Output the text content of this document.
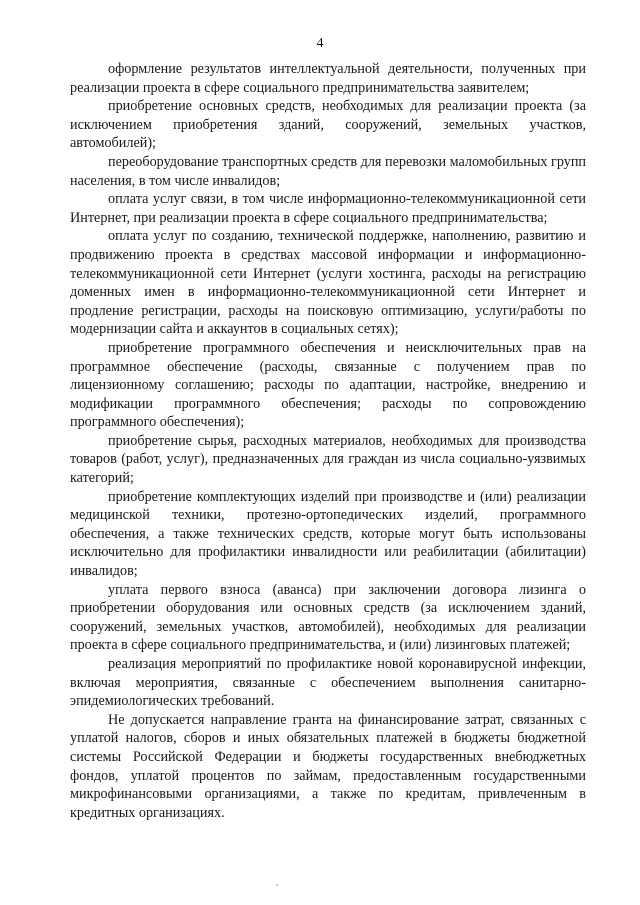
4

оформление результатов интеллектуальной деятельности, полученных при реализации проекта в сфере социального предпринимательства заявителем;

приобретение основных средств, необходимых для реализации проекта (за исключением приобретения зданий, сооружений, земельных участков, автомобилей);

переоборудование транспортных средств для перевозки маломобильных групп населения, в том числе инвалидов;

оплата услуг связи, в том числе информационно-телекоммуникационной сети Интернет, при реализации проекта в сфере социального предпринимательства;

оплата услуг по созданию, технической поддержке, наполнению, развитию и продвижению проекта в средствах массовой информации и информационно-телекоммуникационной сети Интернет (услуги хостинга, расходы на регистрацию доменных имен в информационно-телекоммуникационной сети Интернет и продление регистрации, расходы на поисковую оптимизацию, услуги/работы по модернизации сайта и аккаунтов в социальных сетях);

приобретение программного обеспечения и неисключительных прав на программное обеспечение (расходы, связанные с получением прав по лицензионному соглашению; расходы по адаптации, настройке, внедрению и модификации программного обеспечения; расходы по сопровождению программного обеспечения);

приобретение сырья, расходных материалов, необходимых для производства товаров (работ, услуг), предназначенных для граждан из числа социально-уязвимых категорий;

приобретение комплектующих изделий при производстве и (или) реализации медицинской техники, протезно-ортопедических изделий, программного обеспечения, а также технических средств, которые могут быть использованы исключительно для профилактики инвалидности или реабилитации (абилитации) инвалидов;

уплата первого взноса (аванса) при заключении договора лизинга о приобретении оборудования или основных средств (за исключением зданий, сооружений, земельных участков, автомобилей), необходимых для реализации проекта в сфере социального предпринимательства, и (или) лизинговых платежей;

реализация мероприятий по профилактике новой коронавирусной инфекции, включая мероприятия, связанные с обеспечением выполнения санитарно-эпидемиологических требований.

Не допускается направление гранта на финансирование затрат, связанных с уплатой налогов, сборов и иных обязательных платежей в бюджеты бюджетной системы Российской Федерации и бюджеты государственных внебюджетных фондов, уплатой процентов по займам, предоставленным государственными микрофинансовыми организациями, а также по кредитам, привлеченным в кредитных организациях.
